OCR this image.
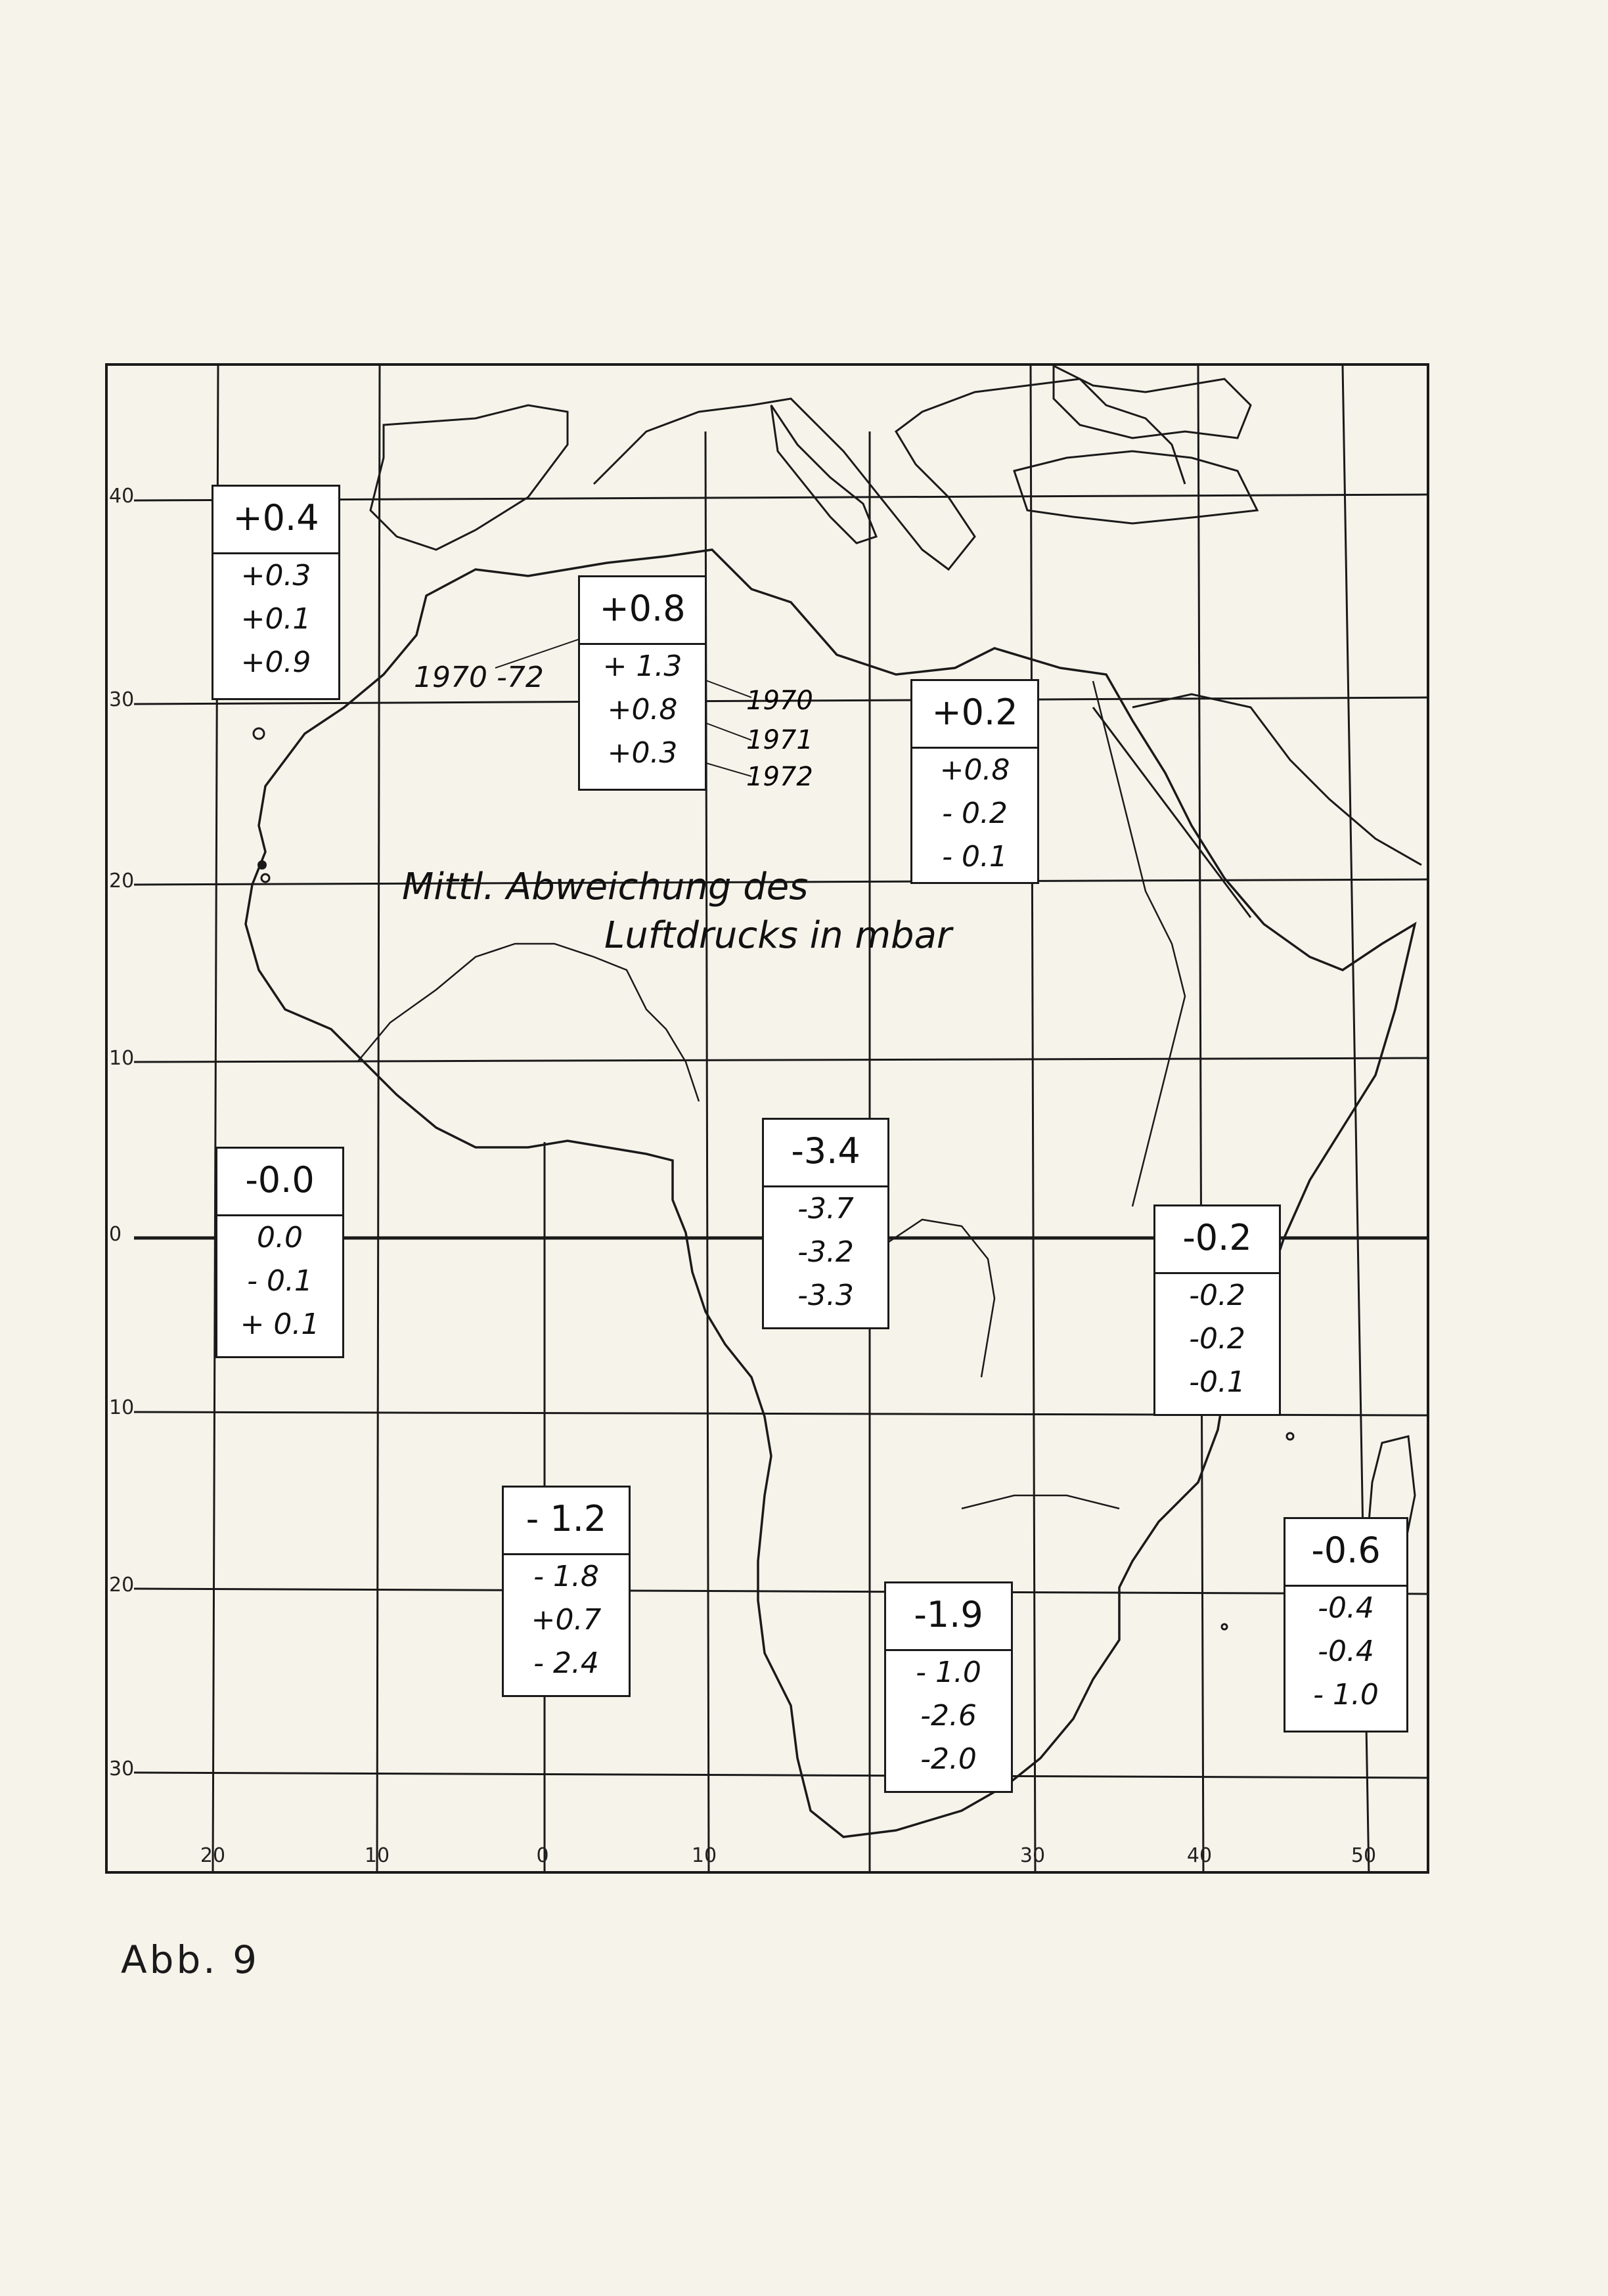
40
30
20
10
0
10
20
30
20	10	0	10	30	40	50
+0.4
+0.3
+0.1
+0.9
+0.8
+ 1.3
+0.8
+0.3
+0.2
+0.8
- 0.2
- 0.1
-0.0
0.0
- 0.1
+ 0.1
-3.4
-3.7
-3.2
-3.3
-0.2
-0.2
-0.2
-0.1
- 1.2
- 1.8
+0.7
- 2.4
-1.9
- 1.0
-2.6
-2.0
-0.6
-0.4
-0.4
- 1.0
1970 -72
1970
1971
1972
Mittl. Abweichung des
Luftdrucks in mbar
Abb. 9
